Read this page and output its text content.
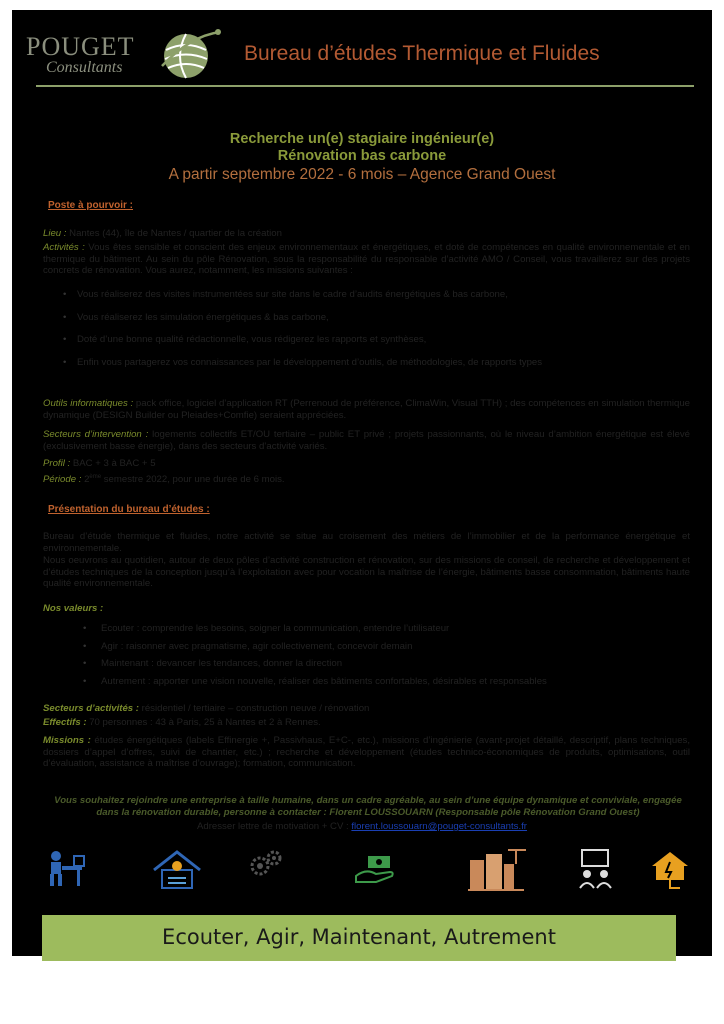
POUGET
Consultants
Bureau d’études Thermique et Fluides
Recherche un(e) stagiaire ingénieur(e)
Rénovation bas carbone
A partir septembre 2022 - 6 mois – Agence Grand Ouest
Poste à pourvoir :
Lieu : Nantes (44), île de Nantes / quartier de la création
Activités : Vous êtes sensible et conscient des enjeux environnementaux et énergétiques, et doté de compétences en qualité environnementale et en thermique du bâtiment. Au sein du pôle Rénovation, sous la responsabilité du responsable d’activité AMO / Conseil, vous travaillerez sur des projets concrets de rénovation. Vous aurez, notamment, les missions suivantes :
• Vous réaliserez des visites instrumentées sur site dans le cadre d’audits énergétiques & bas carbone,
• Vous réaliserez les simulation énergétiques & bas carbone,
• Doté d’une bonne qualité rédactionnelle, vous rédigerez les rapports et synthèses,
• Enfin vous partagerez vos connaissances par le développement d’outils, de méthodologies, de rapports types
Outils informatiques : pack office, logiciel d’application RT (Perrenoud de préférence, ClimaWin, Visual TTH) ; des compétences en simulation thermique dynamique (DESIGN Builder ou Pleiades+Comfie) seraient appréciées.
Secteurs d’intervention : logements collectifs ET/OU tertiaire – public ET privé ; projets passionnants, où le niveau d’ambition énergétique est élevé (exclusivement basse énergie), dans des secteurs d’activité variés.
Profil : BAC + 3 à BAC + 5
Période : 2ème semestre 2022, pour une durée de 6 mois.
Présentation du bureau d’études :
Bureau d’étude thermique et fluides, notre activité se situe au croisement des métiers de l’immobilier et de la performance énergétique et environnementale.
Nous oeuvrons au quotidien, autour de deux pôles d’activité construction et rénovation, sur des missions de conseil, de recherche et développement et d’études techniques de la conception jusqu’à l’exploitation avec pour vocation la maîtrise de l’énergie, bâtiments basse consommation, bâtiments haute qualité environnementale.
Nos valeurs :
• Ecouter : comprendre les besoins, soigner la communication, entendre l’utilisateur
• Agir : raisonner avec pragmatisme, agir collectivement, concevoir demain
• Maintenant : devancer les tendances, donner la direction
• Autrement : apporter une vision nouvelle, réaliser des bâtiments confortables, désirables et responsables
Secteurs d’activités : résidentiel / tertiaire – construction neuve / rénovation
Effectifs : 70 personnes : 43 à Paris, 25 à Nantes et 2 à Rennes.
Missions : études énergétiques (labels Effinergie +, Passivhaus, E+C-, etc.), missions d’ingénierie (avant-projet détaillé, descriptif, plans techniques, dossiers d’appel d’offres, suivi de chantier, etc.) ; recherche et développement (études technico-économiques de produits, optimisations, outil d’évaluation, assistance à maîtrise d’ouvrage); formation, communication.
Vous souhaitez rejoindre une entreprise à taille humaine, dans un cadre agréable, au sein d’une équipe dynamique et conviviale, engagée dans la rénovation durable, personne à contacter : Florent LOUSSOUARN (Responsable pôle Rénovation Grand Ouest)
Adresser lettre de motivation + CV : florent.loussouarn@pouget-consultants.fr
Ecouter, Agir, Maintenant, Autrement
